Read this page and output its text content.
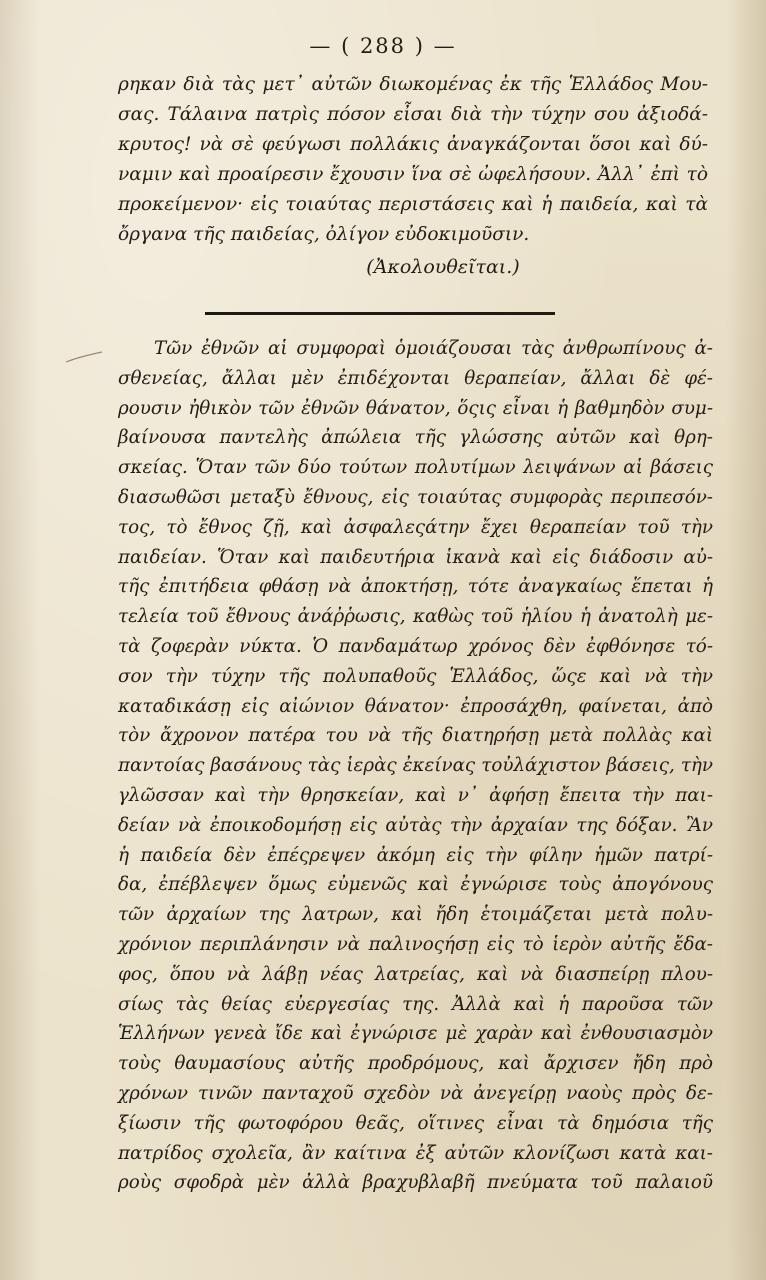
— ( 288 ) —
ρηκαν διὰ τὰς μετ᾽ αὐτῶν διωκομένας ἐκ τῆς Ἑλλάδος Μου-
σας. Τάλαινα πατρὶς πόσον εἶσαι διὰ τὴν τύχην σου ἀξιοδά-
κρυτος! νὰ σὲ φεύγωσι πολλάκις ἀναγκάζονται ὅσοι καὶ δύ-
ναμιν καὶ προαίρεσιν ἔχουσιν ἵνα σὲ ὠφελήσουν. Ἀλλ᾽ ἐπὶ τὸ
προκείμενον· εἰς τοιαύτας περιστάσεις καὶ ἡ παιδεία, καὶ τὰ
ὄργανα τῆς παιδείας, ὀλίγον εὐδοκιμοῦσιν.
(Ἀκολουθεῖται.)
Τῶν ἐθνῶν αἱ συμφοραὶ ὁμοιάζουσαι τὰς ἀνθρωπίνους ἀ-
σθενείας, ἄλλαι μὲν ἐπιδέχονται θεραπείαν, ἄλλαι δὲ φέ-
ρουσιν ἠθικὸν τῶν ἐθνῶν θάνατον, ὅςις εἶναι ἡ βαθμηδὸν συμ-
βαίνουσα παντελὴς ἀπώλεια τῆς γλώσσης αὐτῶν καὶ θρη-
σκείας. Ὅταν τῶν δύο τούτων πολυτίμων λειψάνων αἱ βάσεις
διασωθῶσι μεταξὺ ἔθνους, εἰς τοιαύτας συμφορὰς περιπεσόν-
τος, τὸ ἔθνος ζῇ, καὶ ἀσφαλεςάτην ἔχει θεραπείαν τοῦ τὴν
παιδείαν. Ὅταν καὶ παιδευτήρια ἱκανὰ καὶ εἰς διάδοσιν αὐ-
τῆς ἐπιτήδεια φθάσῃ νὰ ἀποκτήσῃ, τότε ἀναγκαίως ἕπεται ἡ
τελεία τοῦ ἔθνους ἀνάῤῥωσις, καθὼς τοῦ ἡλίου ἡ ἀνατολὴ με-
τὰ ζοφερὰν νύκτα. Ὁ πανδαμάτωρ χρόνος δὲν ἐφθόνησε τό-
σον τὴν τύχην τῆς πολυπαθοῦς Ἑλλάδος, ὥςε καὶ νὰ τὴν
καταδικάσῃ εἰς αἰώνιον θάνατον· ἐπροσάχθη, φαίνεται, ἀπὸ
τὸν ἄχρονον πατέρα του νὰ τῆς διατηρήσῃ μετὰ πολλὰς καὶ
παντοίας βασάνους τὰς ἱερὰς ἐκείνας τοὐλάχιστον βάσεις, τὴν
γλῶσσαν καὶ τὴν θρησκείαν, καὶ ν᾽ ἀφήσῃ ἔπειτα τὴν παι-
δείαν νὰ ἐποικοδομήσῃ εἰς αὐτὰς τὴν ἀρχαίαν της δόξαν. Ἂν
ἡ παιδεία δὲν ἐπέςρεψεν ἀκόμη εἰς τὴν φίλην ἡμῶν πατρί-
δα, ἐπέβλεψεν ὅμως εὐμενῶς καὶ ἐγνώρισε τοὺς ἀπογόνους
τῶν ἀρχαίων της λατρων, καὶ ἤδη ἑτοιμάζεται μετὰ πολυ-
χρόνιον περιπλάνησιν νὰ παλινοςήσῃ εἰς τὸ ἱερὸν αὐτῆς ἔδα-
φος, ὅπου νὰ λάβῃ νέας λατρείας, καὶ νὰ διασπείρῃ πλου-
σίως τὰς θείας εὐεργεσίας της. Ἀλλὰ καὶ ἡ παροῦσα τῶν
Ἑλλήνων γενεὰ ἴδε καὶ ἐγνώρισε μὲ χαρὰν καὶ ἐνθουσιασμὸν
τοὺς θαυμασίους αὐτῆς προδρόμους, καὶ ἄρχισεν ἤδη πρὸ
χρόνων τινῶν πανταχοῦ σχεδὸν νὰ ἀνεγείρῃ ναοὺς πρὸς δε-
ξίωσιν τῆς φωτοφόρου θεᾶς, οἵτινες εἶναι τὰ δημόσια τῆς
πατρίδος σχολεῖα, ἂν καίτινα ἐξ αὐτῶν κλονίζωσι κατὰ και-
ροὺς σφοδρὰ μὲν ἀλλὰ βραχυβλαβῆ πνεύματα τοῦ παλαιοῦ
